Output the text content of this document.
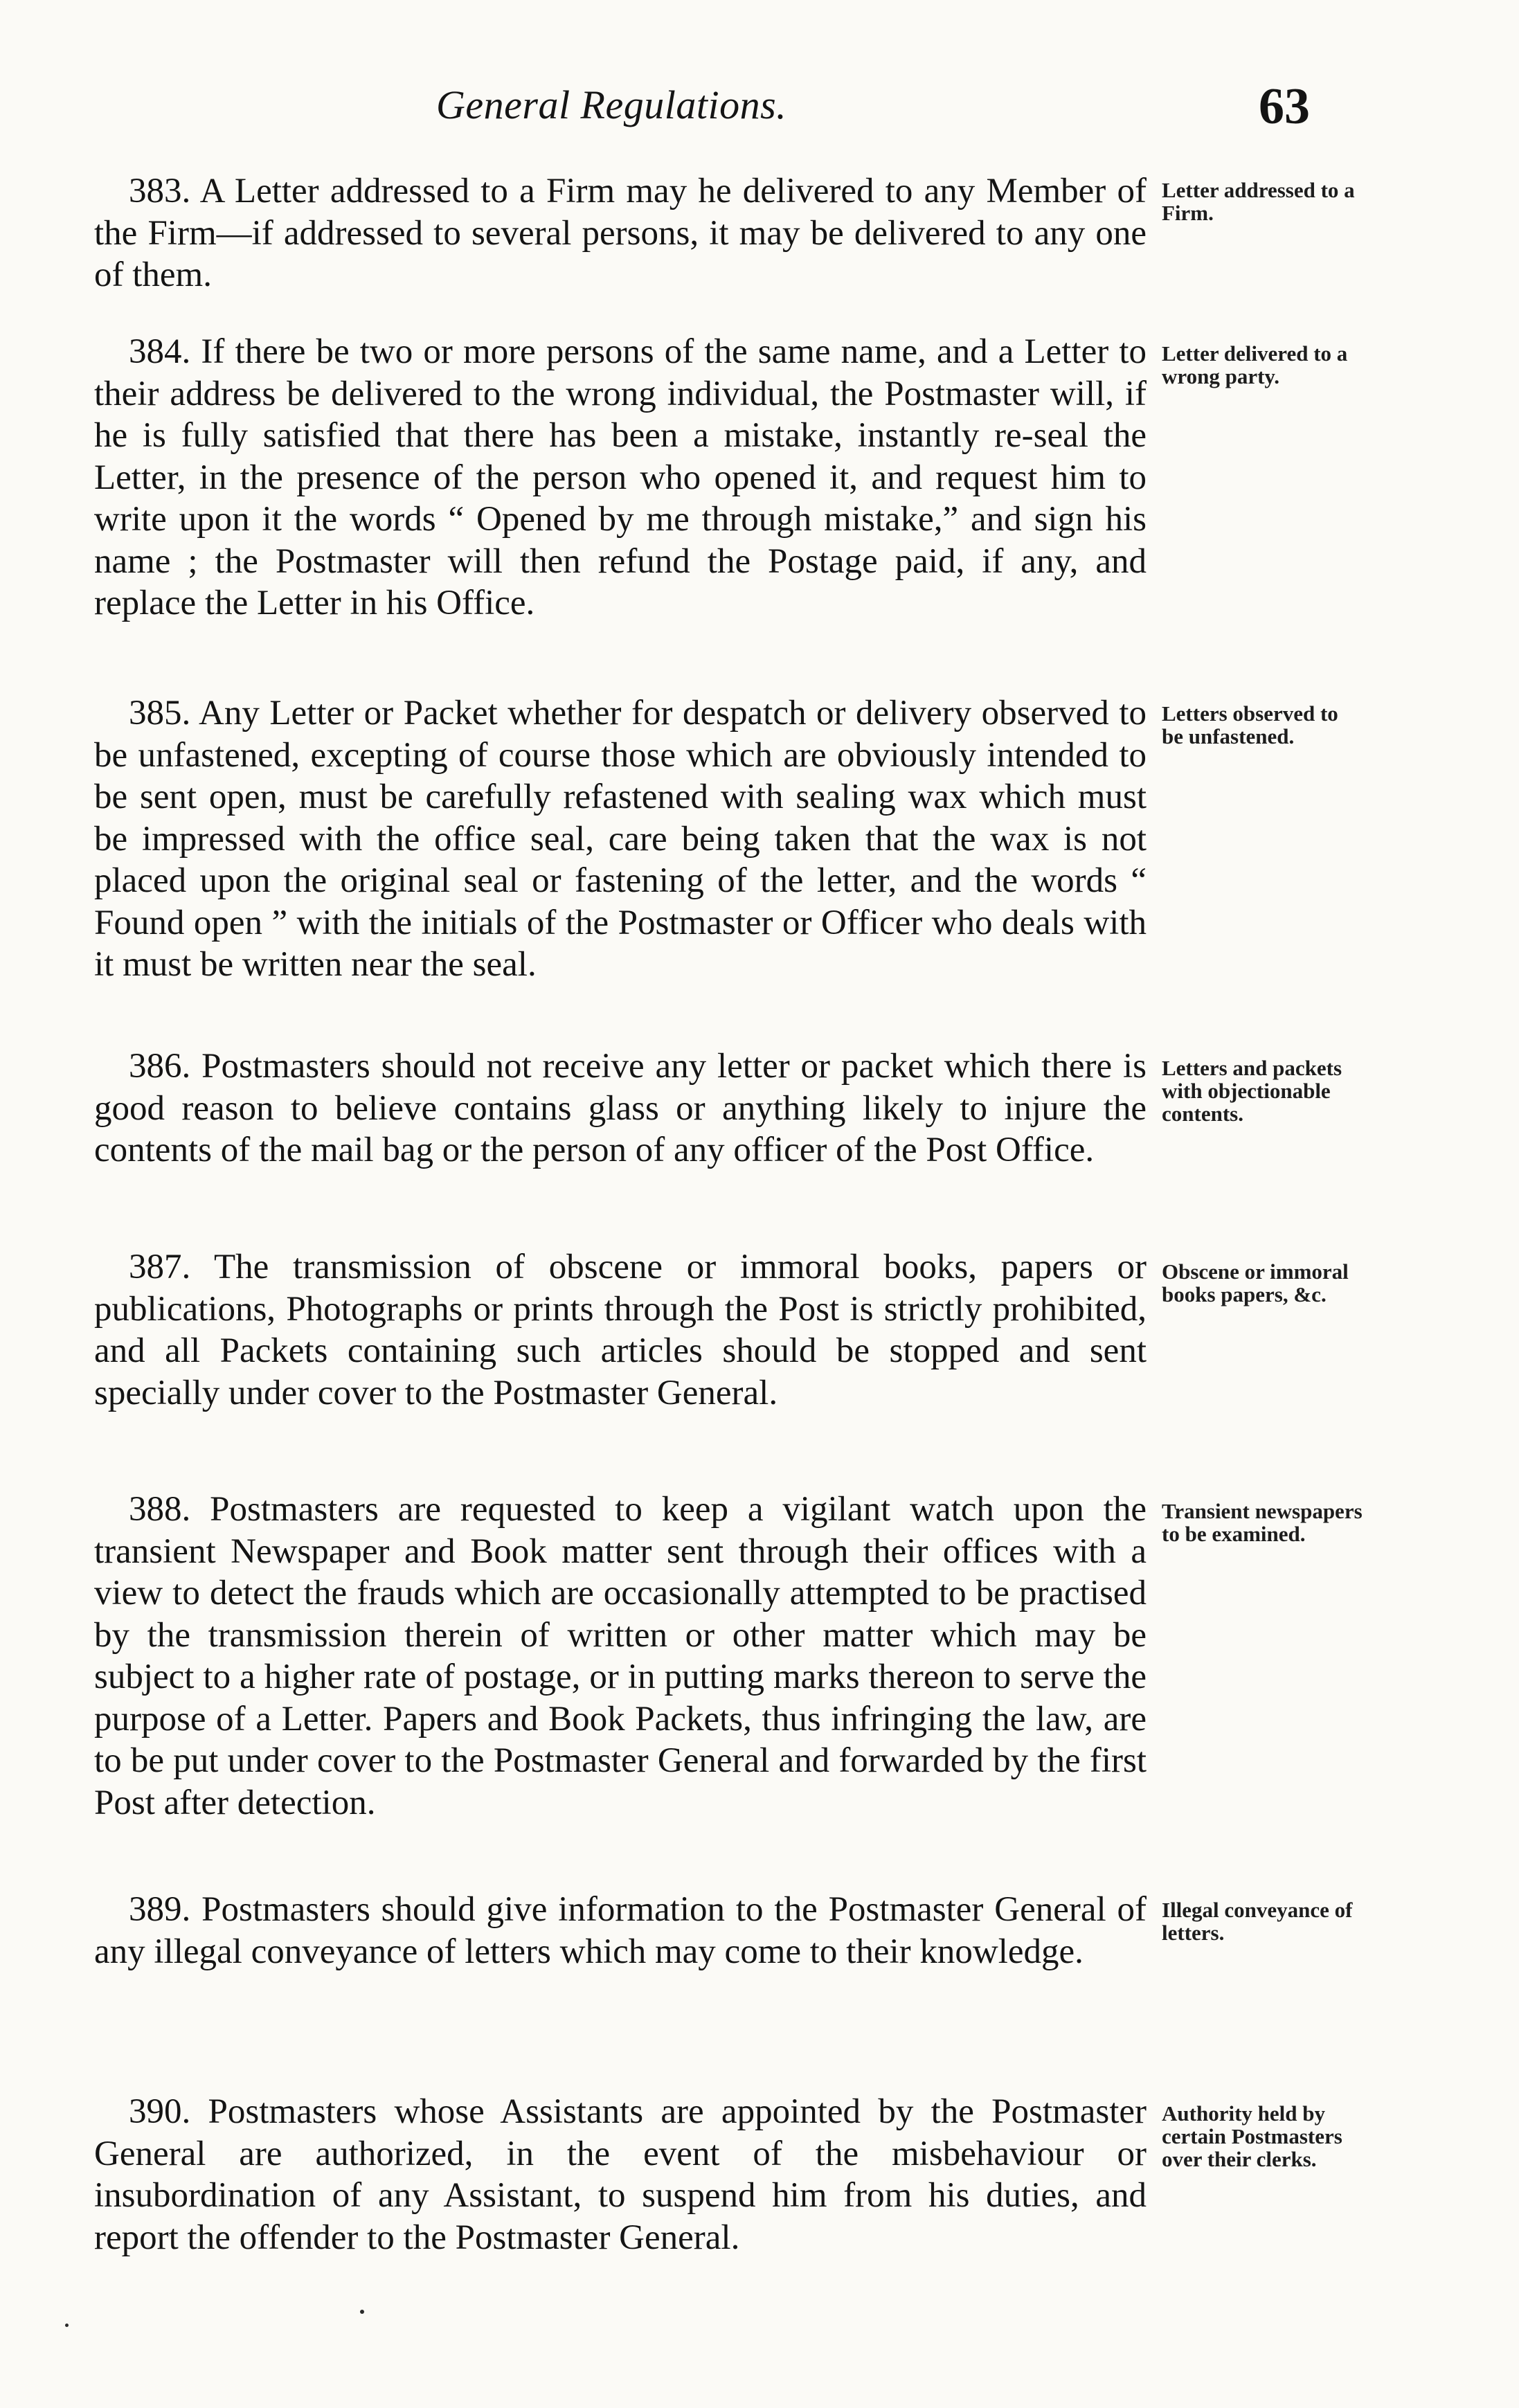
General Regulations.	63
383. A Letter addressed to a Firm may he delivered to any Member of the Firm—if addressed to several persons, it may be delivered to any one of them.
Letter addressed to a Firm.
384. If there be two or more persons of the same name, and a Letter to their address be delivered to the wrong individual, the Postmaster will, if he is fully satisfied that there has been a mistake, instantly re-seal the Letter, in the presence of the person who opened it, and request him to write upon it the words “ Opened by me through mistake,” and sign his name ; the Postmaster will then refund the Postage paid, if any, and replace the Letter in his Office.
Letter delivered to a wrong party.
385. Any Letter or Packet whether for despatch or delivery observed to be unfastened, excepting of course those which are obviously intended to be sent open, must be carefully refastened with sealing wax which must be impressed with the office seal, care being taken that the wax is not placed upon the original seal or fastening of the letter, and the words “ Found open ” with the initials of the Postmaster or Officer who deals with it must be written near the seal.
Letters observed to be unfastened.
386. Postmasters should not receive any letter or packet which there is good reason to believe contains glass or anything likely to injure the contents of the mail bag or the person of any officer of the Post Office.
Letters and packets with objectionable contents.
387. The transmission of obscene or immoral books, papers or publications, Photographs or prints through the Post is strictly prohibited, and all Packets containing such articles should be stopped and sent specially under cover to the Postmaster General.
Obscene or immoral books papers, &c.
388. Postmasters are requested to keep a vigilant watch upon the transient Newspaper and Book matter sent through their offices with a view to detect the frauds which are occasionally attempted to be practised by the transmission therein of written or other matter which may be subject to a higher rate of postage, or in putting marks thereon to serve the purpose of a Letter. Papers and Book Packets, thus infringing the law, are to be put under cover to the Postmaster General and forwarded by the first Post after detection.
Transient newspapers to be examined.
389. Postmasters should give information to the Postmaster General of any illegal conveyance of letters which may come to their knowledge.
Illegal conveyance of letters.
390. Postmasters whose Assistants are appointed by the Postmaster General are authorized, in the event of the misbehaviour or insubordination of any Assistant, to suspend him from his duties, and report the offender to the Postmaster General.
Authority held by certain Postmasters over their clerks.
